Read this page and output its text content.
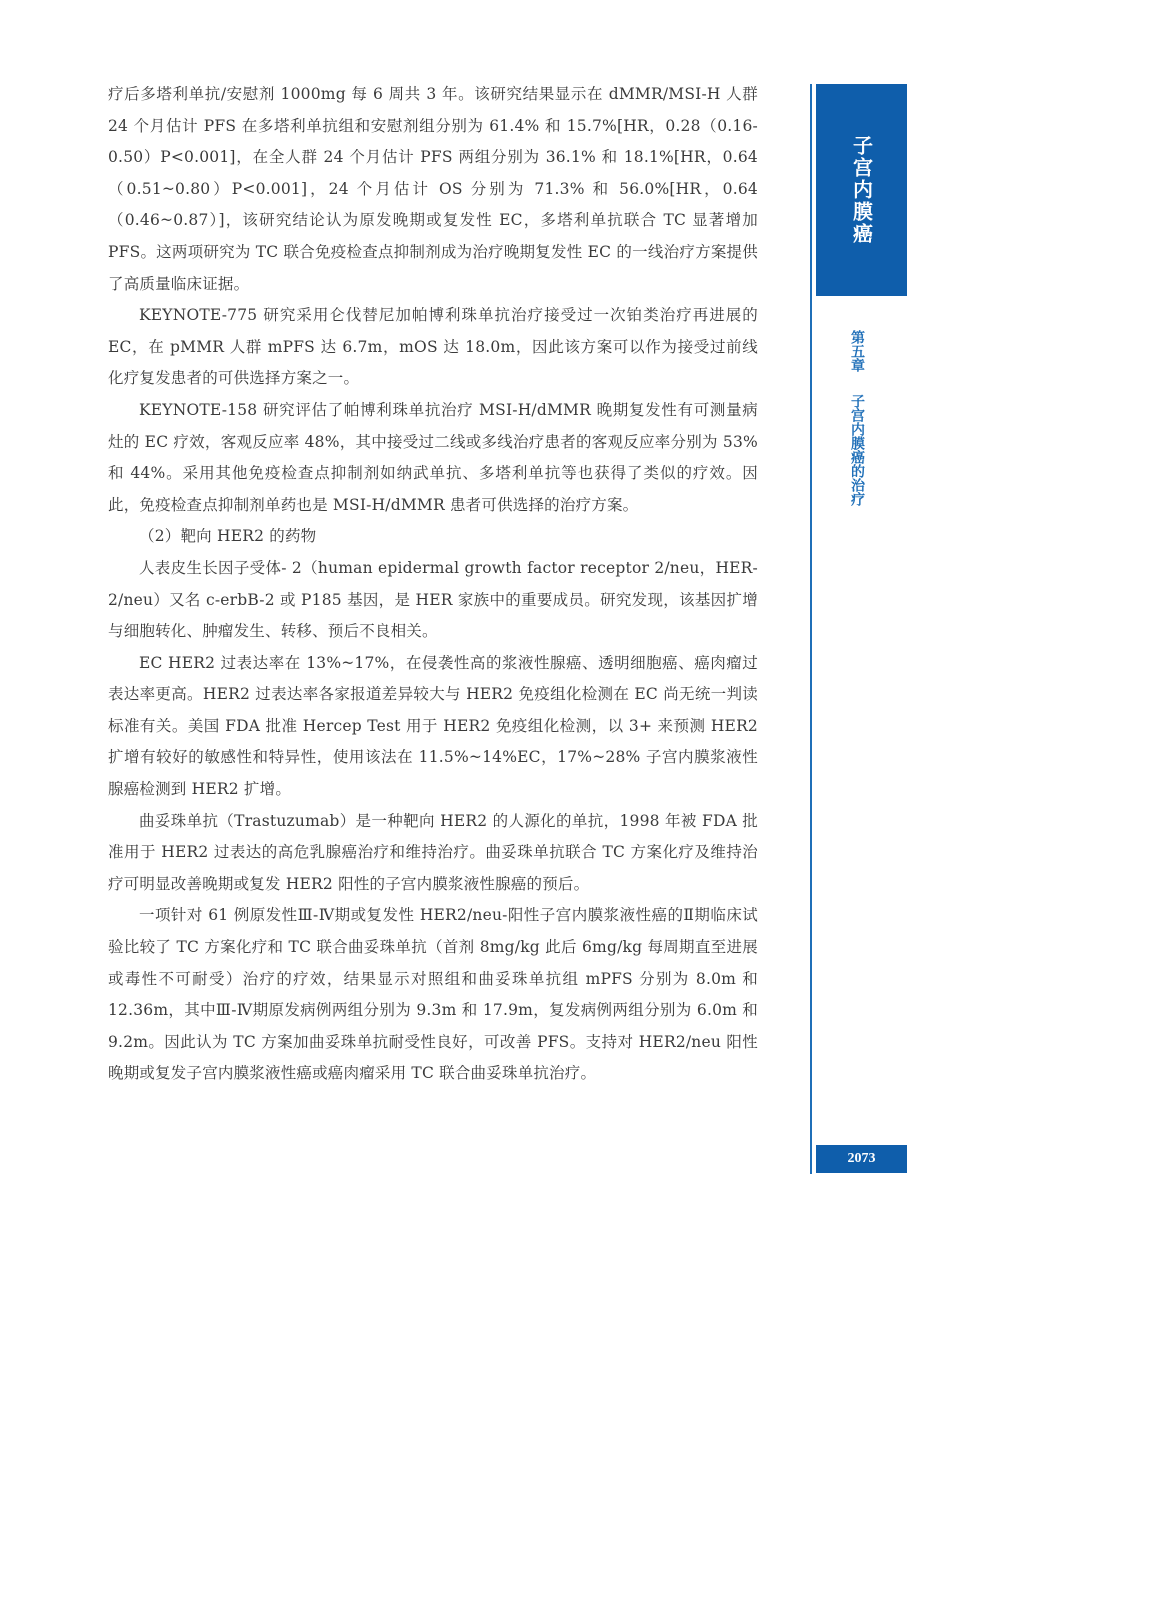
疗后多塔利单抗/安慰剂 1000mg 每 6 周共 3 年。该研究结果显示在 dMMR/MSI-H 人群 24 个月估计 PFS 在多塔利单抗组和安慰剂组分别为 61.4% 和 15.7%[HR，0.28（0.16-0.50）P<0.001]，在全人群 24 个月估计 PFS 两组分别为 36.1% 和 18.1%[HR，0.64（0.51~0.80）P<0.001]，24 个月估计 OS 分别为 71.3% 和 56.0%[HR，0.64（0.46~0.87）]，该研究结论认为原发晚期或复发性 EC，多塔利单抗联合 TC 显著增加 PFS。这两项研究为 TC 联合免疫检查点抑制剂成为治疗晚期复发性 EC 的一线治疗方案提供了高质量临床证据。

KEYNOTE-775 研究采用仑伐替尼加帕博利珠单抗治疗接受过一次铂类治疗再进展的 EC，在 pMMR 人群 mPFS 达 6.7m，mOS 达 18.0m，因此该方案可以作为接受过前线化疗复发患者的可供选择方案之一。

KEYNOTE-158 研究评估了帕博利珠单抗治疗 MSI-H/dMMR 晚期复发性有可测量病灶的 EC 疗效，客观反应率 48%，其中接受过二线或多线治疗患者的客观反应率分别为 53% 和 44%。采用其他免疫检查点抑制剂如纳武单抗、多塔利单抗等也获得了类似的疗效。因此，免疫检查点抑制剂单药也是 MSI-H/dMMR 患者可供选择的治疗方案。

（2）靶向 HER2 的药物

人表皮生长因子受体- 2（human epidermal growth factor receptor 2/neu，HER-2/neu）又名 c-erbB-2 或 P185 基因，是 HER 家族中的重要成员。研究发现，该基因扩增与细胞转化、肿瘤发生、转移、预后不良相关。

EC HER2 过表达率在 13%~17%，在侵袭性高的浆液性腺癌、透明细胞癌、癌肉瘤过表达率更高。HER2 过表达率各家报道差异较大与 HER2 免疫组化检测在 EC 尚无统一判读标准有关。美国 FDA 批准 Hercep Test 用于 HER2 免疫组化检测，以 3+ 来预测 HER2 扩增有较好的敏感性和特异性，使用该法在 11.5%~14%EC，17%~28% 子宫内膜浆液性腺癌检测到 HER2 扩增。

曲妥珠单抗（Trastuzumab）是一种靶向 HER2 的人源化的单抗，1998 年被 FDA 批准用于 HER2 过表达的高危乳腺癌治疗和维持治疗。曲妥珠单抗联合 TC 方案化疗及维持治疗可明显改善晚期或复发 HER2 阳性的子宫内膜浆液性腺癌的预后。

一项针对 61 例原发性Ⅲ-Ⅳ期或复发性 HER2/neu-阳性子宫内膜浆液性癌的Ⅱ期临床试验比较了 TC 方案化疗和 TC 联合曲妥珠单抗（首剂 8mg/kg 此后 6mg/kg 每周期直至进展或毒性不可耐受）治疗的疗效，结果显示对照组和曲妥珠单抗组 mPFS 分别为 8.0m 和 12.36m，其中Ⅲ-Ⅳ期原发病例两组分别为 9.3m 和 17.9m，复发病例两组分别为 6.0m 和 9.2m。因此认为 TC 方案加曲妥珠单抗耐受性良好，可改善 PFS。支持对 HER2/neu 阳性晚期或复发子宫内膜浆液性癌或癌肉瘤采用 TC 联合曲妥珠单抗治疗。

子宫内膜癌
第五章子宫内膜癌的治疗
2073
